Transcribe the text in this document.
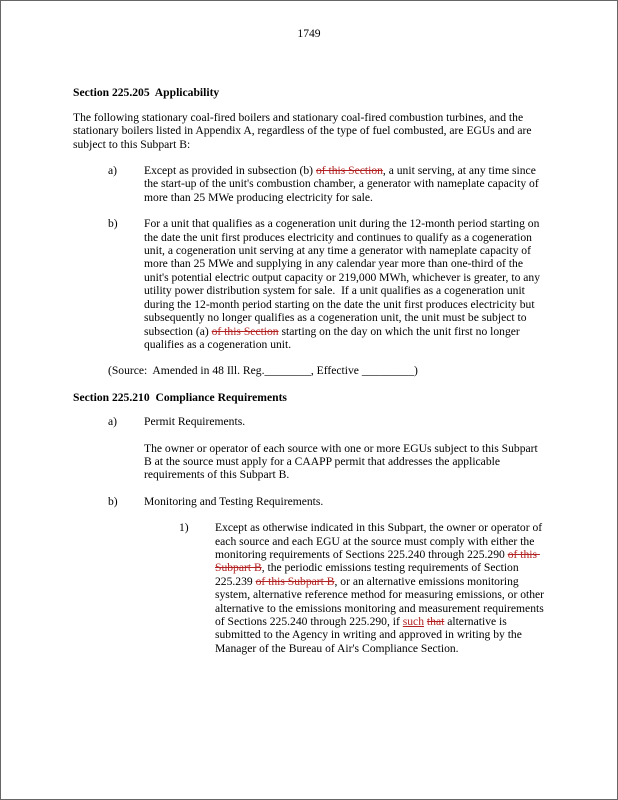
1749
Section 225.205  Applicability

The following stationary coal-fired boilers and stationary coal-fired combustion turbines, and the stationary boilers listed in Appendix A, regardless of the type of fuel combusted, are EGUs and are subject to this Subpart B:

a)	Except as provided in subsection (b) of this Section, a unit serving, at any time since the start-up of the unit's combustion chamber, a generator with nameplate capacity of more than 25 MWe producing electricity for sale.
b)	For a unit that qualifies as a cogeneration unit during the 12-month period starting on the date the unit first produces electricity and continues to qualify as a cogeneration unit, a cogeneration unit serving at any time a generator with nameplate capacity of more than 25 MWe and supplying in any calendar year more than one-third of the unit's potential electric output capacity or 219,000 MWh, whichever is greater, to any utility power distribution system for sale.  If a unit qualifies as a cogeneration unit during the 12-month period starting on the date the unit first produces electricity but subsequently no longer qualifies as a cogeneration unit, the unit must be subject to subsection (a) of this Section starting on the day on which the unit first no longer qualifies as a cogeneration unit.

(Source:  Amended in 48 Ill. Reg.________, Effective _________)

Section 225.210  Compliance Requirements
a)	Permit Requirements.

The owner or operator of each source with one or more EGUs subject to this Subpart B at the source must apply for a CAAPP permit that addresses the applicable requirements of this Subpart B.

b)	Monitoring and Testing Requirements.
1)	Except as otherwise indicated in this Subpart, the owner or operator of each source and each EGU at the source must comply with either the monitoring requirements of Sections 225.240 through 225.290 of this Subpart B, the periodic emissions testing requirements of Section 225.239 of this Subpart B, or an alternative emissions monitoring system, alternative reference method for measuring emissions, or other alternative to the emissions monitoring and measurement requirements of Sections 225.240 through 225.290, if such that alternative is submitted to the Agency in writing and approved in writing by the Manager of the Bureau of Air's Compliance Section.
